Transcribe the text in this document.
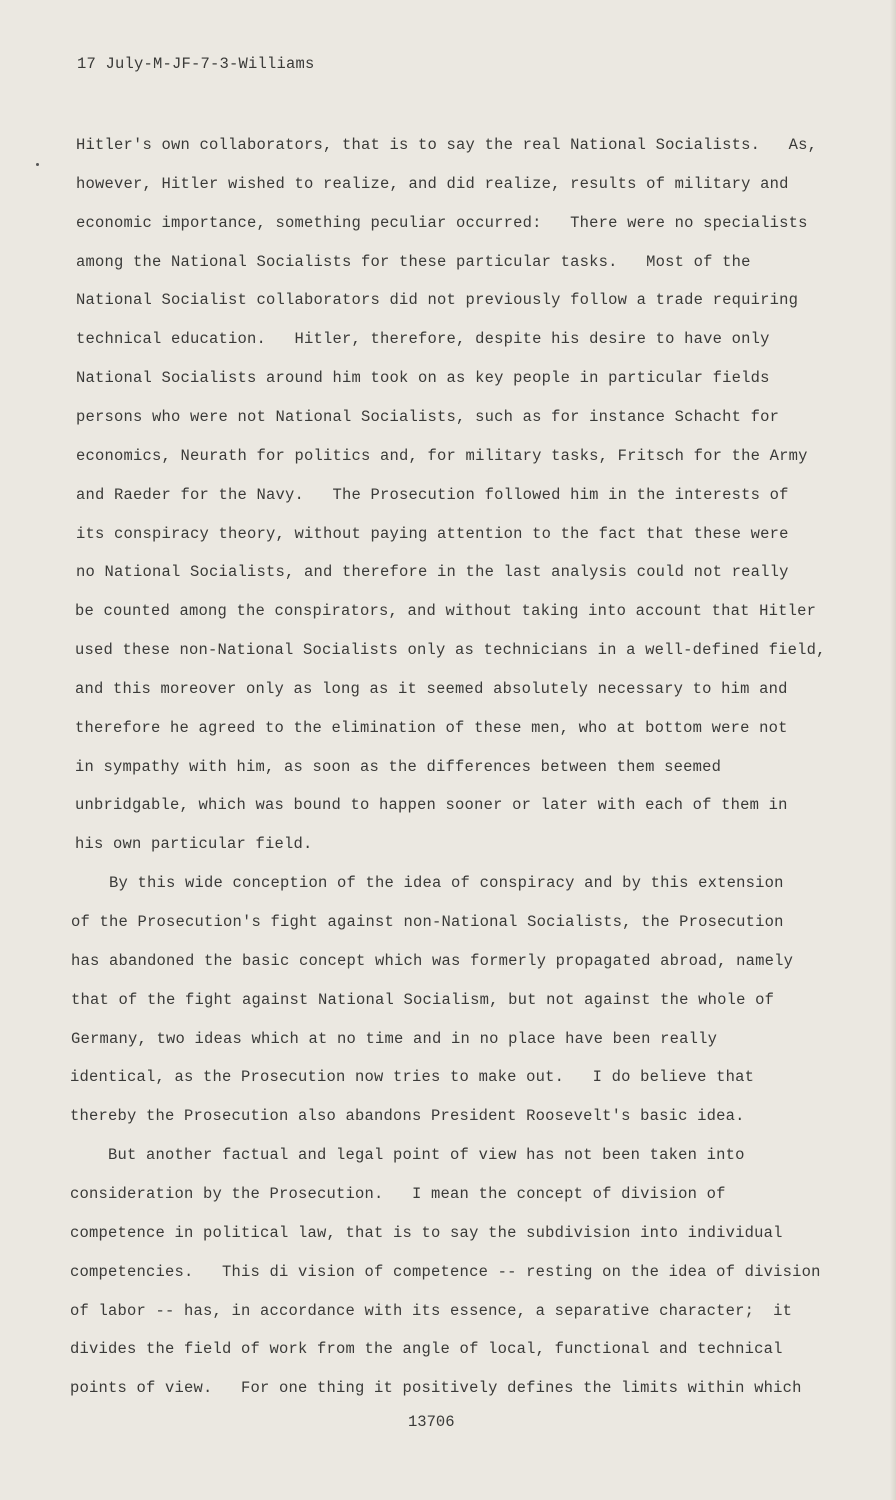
17 July-M-JF-7-3-Williams
Hitler's own collaborators, that is to say the real National Socialists.   As,
however, Hitler wished to realize, and did realize, results of military and
economic importance, something peculiar occurred:   There were no specialists
among the National Socialists for these particular tasks.   Most of the
National Socialist collaborators did not previously follow a trade requiring
technical education.   Hitler, therefore, despite his desire to have only
National Socialists around him took on as key people in particular fields
persons who were not National Socialists, such as for instance Schacht for
economics, Neurath for politics and, for military tasks, Fritsch for the Army
and Raeder for the Navy.   The Prosecution followed him in the interests of
its conspiracy theory, without paying attention to the fact that these were
no National Socialists, and therefore in the last analysis could not really
be counted among the conspirators, and without taking into account that Hitler
used these non-National Socialists only as technicians in a well-defined field,
and this moreover only as long as it seemed absolutely necessary to him and
therefore he agreed to the elimination of these men, who at bottom were not
in sympathy with him, as soon as the differences between them seemed
unbridgable, which was bound to happen sooner or later with each of them in
his own particular field.
By this wide conception of the idea of conspiracy and by this extension
of the Prosecution's fight against non-National Socialists, the Prosecution
has abandoned the basic concept which was formerly propagated abroad, namely
that of the fight against National Socialism, but not against the whole of
Germany, two ideas which at no time and in no place have been really
identical, as the Prosecution now tries to make out.   I do believe that
thereby the Prosecution also abandons President Roosevelt's basic idea.
But another factual and legal point of view has not been taken into
consideration by the Prosecution.   I mean the concept of division of
competence in political law, that is to say the subdivision into individual
competencies.   This di vision of competence -- resting on the idea of division
of labor -- has, in accordance with its essence, a separative character;  it
divides the field of work from the angle of local, functional and technical
points of view.   For one thing it positively defines the limits within which
13706
